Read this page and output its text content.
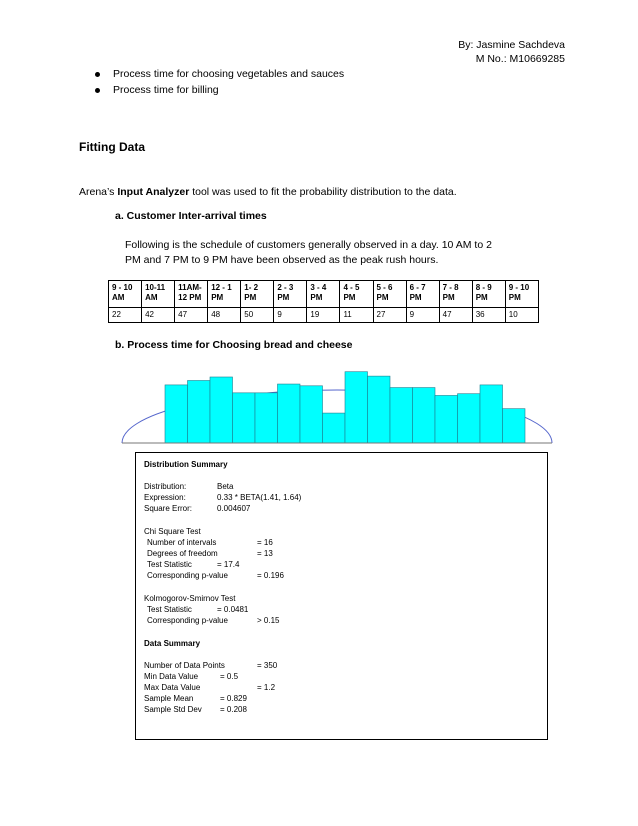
By: Jasmine Sachdeva
M No.: M10669285
Process time for choosing vegetables and sauces
Process time for billing
Fitting Data
Arena’s Input Analyzer tool was used to fit the probability distribution to the data.
a. Customer Inter-arrival times
Following is the schedule of customers generally observed in a day. 10 AM to 2 PM and 7 PM to 9 PM have been observed as the peak rush hours.
9 - 10 AM	10-11 AM	11AM-12 PM	12 - 1 PM	1- 2 PM	2 - 3 PM	3 - 4 PM	4 - 5 PM	5 - 6 PM	6 - 7 PM	7 - 8 PM	8 - 9 PM	9 - 10 PM
22	42	47	48	50	9	19	11	27	9	47	36	10
b. Process time for Choosing bread and cheese
Distribution Summary
Distribution:	Beta
Expression:	0.33 * BETA(1.41, 1.64)
Square Error:	0.004607
Chi Square Test
Number of intervals	= 16
Degrees of freedom	= 13
Test Statistic	= 17.4
Corresponding p-value	= 0.196
Kolmogorov-Smirnov Test
Test Statistic	= 0.0481
Corresponding p-value	> 0.15
Data Summary
Number of Data Points	= 350
Min Data Value	= 0.5
Max Data Value	= 1.2
Sample Mean	= 0.829
Sample Std Dev = 0.208
